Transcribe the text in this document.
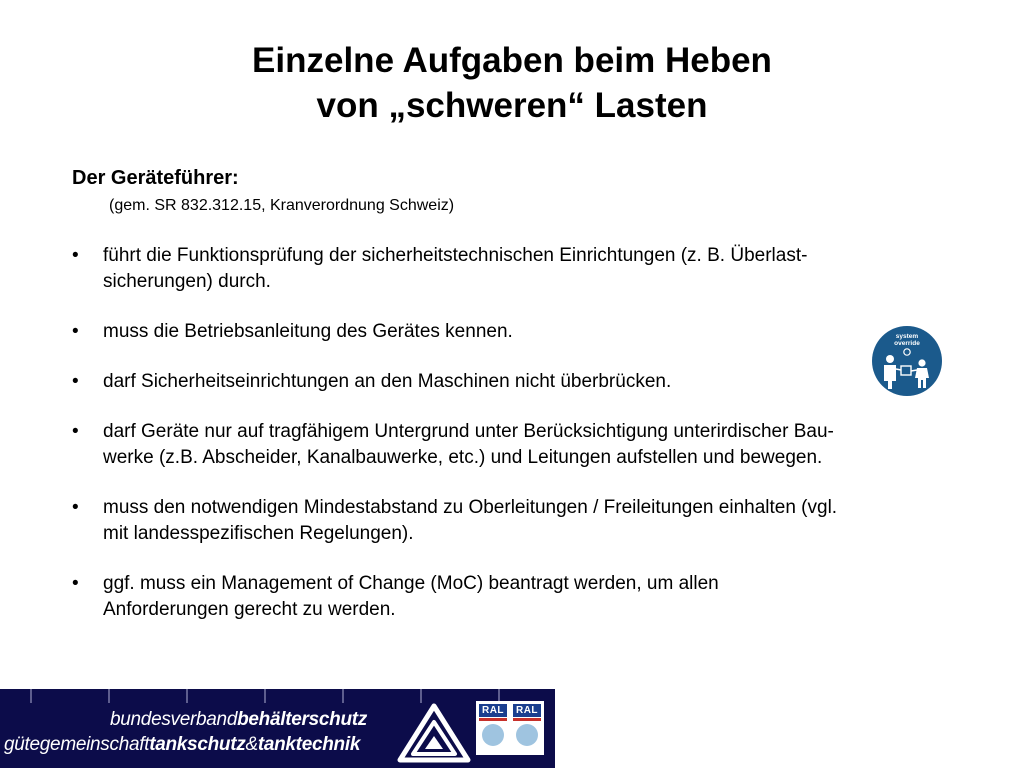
Einzelne Aufgaben beim Heben
von „schweren“ Lasten
Der Geräteführer:
(gem. SR 832.312.15, Kranverordnung Schweiz)
• führt die Funktionsprüfung der sicherheitstechnischen Einrichtungen (z. B. Überlast-
sicherungen) durch.
• muss die Betriebsanleitung des Gerätes kennen.
• darf Sicherheitseinrichtungen an den Maschinen nicht überbrücken.
• darf Geräte nur auf tragfähigem Untergrund unter Berücksichtigung unterirdischer Bau-
werke (z.B. Abscheider, Kanalbauwerke, etc.) und Leitungen aufstellen und bewegen.
• muss den notwendigen Mindestabstand zu Oberleitungen / Freileitungen einhalten (vgl.
mit landesspezifischen Regelungen).
• ggf. muss ein Management of Change (MoC) beantragt werden, um allen
Anforderungen gerecht zu werden.
system
override
bundesverbandbehälterschutz
gütegemeinschafttankschutz&tanktechnik
RAL RAL
